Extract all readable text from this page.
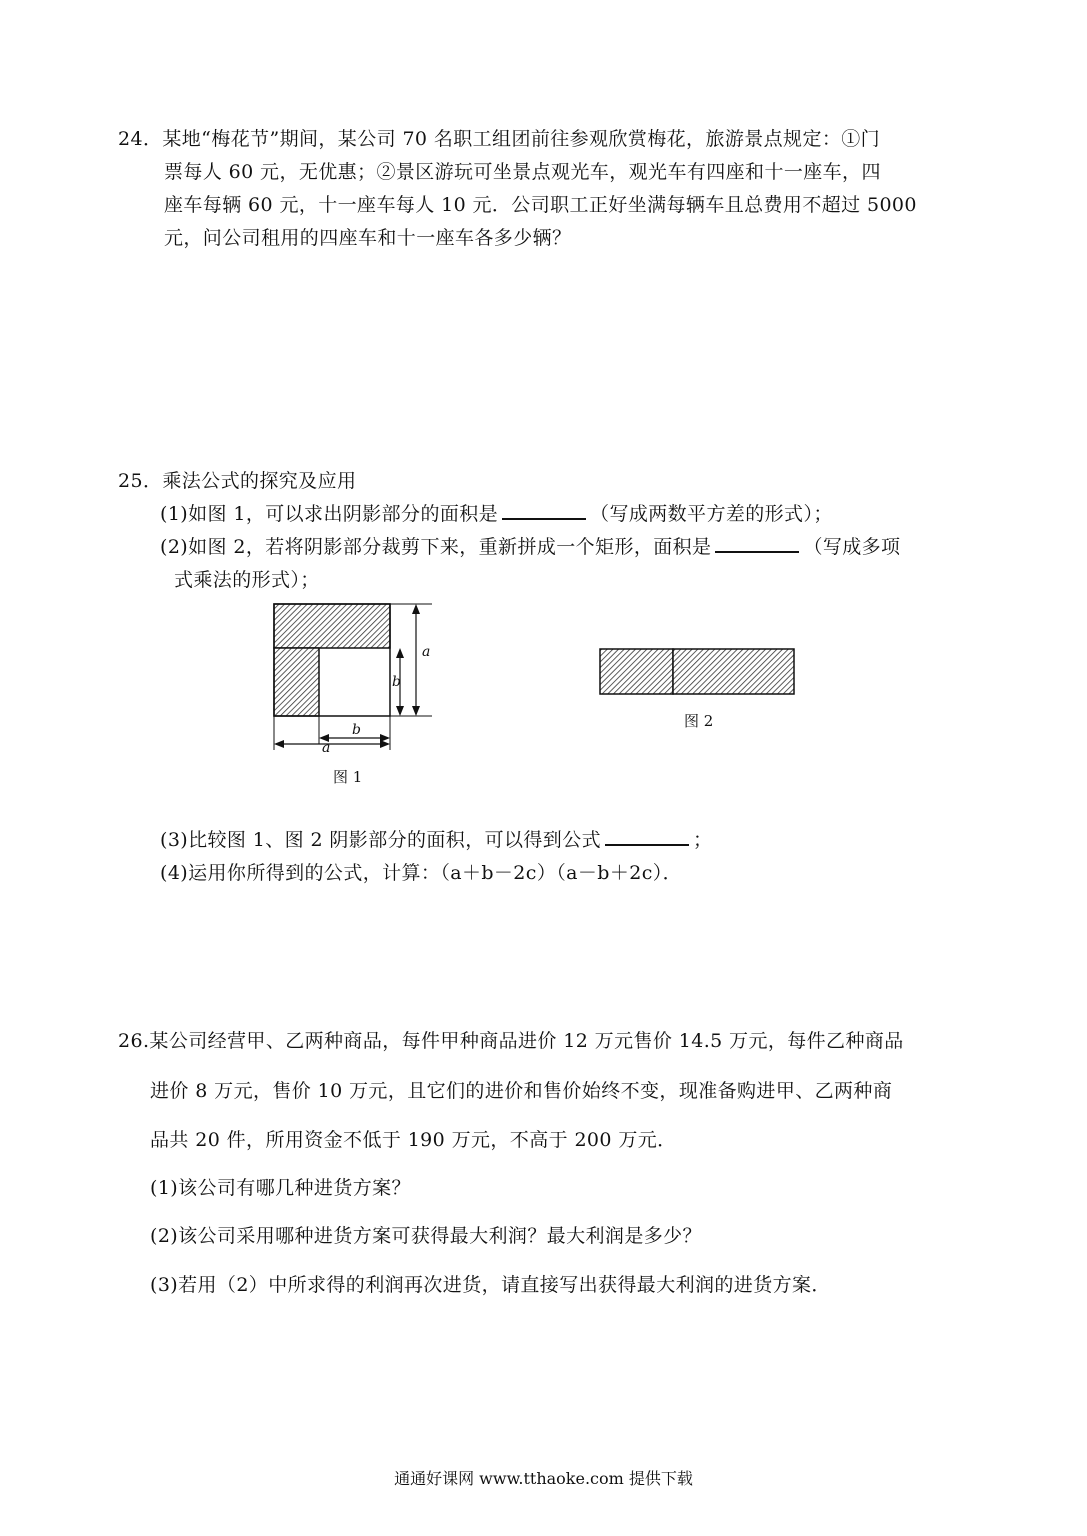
24．某地“梅花节”期间，某公司 70 名职工组团前往参观欣赏梅花，旅游景点规定：①门
票每人 60 元，无优惠；②景区游玩可坐景点观光车，观光车有四座和十一座车，四
座车每辆 60 元，十一座车每人 10 元．公司职工正好坐满每辆车且总费用不超过 5000
元，问公司租用的四座车和十一座车各多少辆？
25．乘法公式的探究及应用
(1)如图 1，可以求出阴影部分的面积是	（写成两数平方差的形式）；
(2)如图 2，若将阴影部分裁剪下来，重新拼成一个矩形，面积是	（写成多项
式乘法的形式）；
a
b
b
a
图 1
图 2
(3)比较图 1、图 2 阴影部分的面积，可以得到公式	；
(4)运用你所得到的公式，计算：（a＋b－2c）（a－b＋2c）．
26.某公司经营甲、乙两种商品，每件甲种商品进价 12 万元售价 14.5 万元，每件乙种商品
进价 8 万元，售价 10 万元，且它们的进价和售价始终不变，现准备购进甲、乙两种商
品共 20 件，所用资金不低于 190 万元，不高于 200 万元．
(1)该公司有哪几种进货方案？
(2)该公司采用哪种进货方案可获得最大利润？最大利润是多少？
(3)若用（2）中所求得的利润再次进货，请直接写出获得最大利润的进货方案．
通通好课网 www.tthaoke.com 提供下载
